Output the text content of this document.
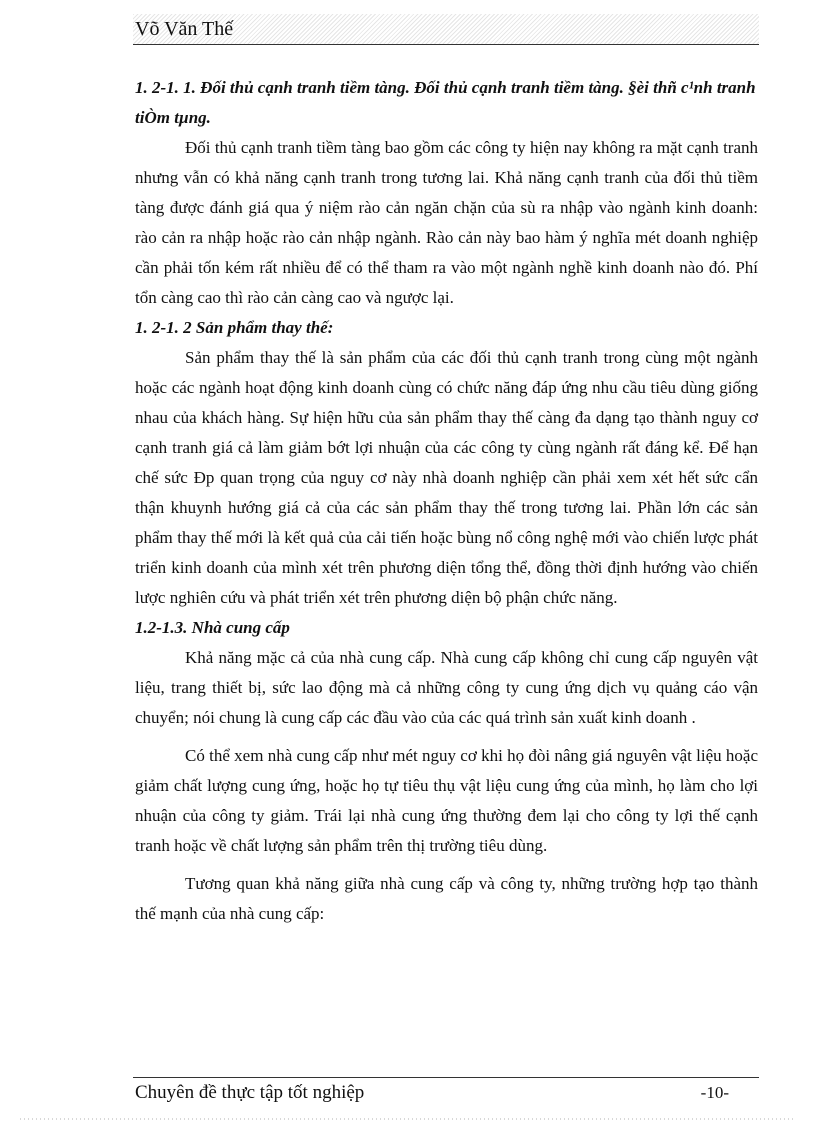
Võ Văn Thế

1. 2-1. 1. Đối thủ cạnh tranh tiềm tàng. Đối thủ cạnh tranh tiềm tàng. §èi thñ c¹nh tranh tiÒm tµng.

Đối thủ cạnh tranh tiềm tàng bao gồm các công ty hiện nay không ra mặt cạnh tranh nhưng vẫn có khả năng cạnh tranh trong tương lai. Khả năng cạnh tranh của đối thủ tiềm tàng được đánh giá qua ý niệm rào cản ngăn chặn của sù ra nhập vào ngành kinh doanh: rào cản ra nhập hoặc rào cản nhập ngành. Rào cản này bao hàm ý nghĩa mét doanh nghiệp cần phải tốn kém rất nhiều để có thể tham ra vào một ngành nghề kinh doanh nào đó. Phí tổn càng cao thì rào cản càng cao và ngược lại.

1. 2-1. 2 Sản phẩm thay thế:

Sản phẩm thay thế là sản phẩm của các đối thủ cạnh tranh trong cùng một ngành hoặc các ngành hoạt động kinh doanh cùng có chức năng đáp ứng nhu cầu tiêu dùng giống nhau của khách hàng. Sự hiện hữu của sản phẩm thay thế càng đa dạng tạo thành nguy cơ cạnh tranh giá cả làm giảm bớt lợi nhuận của các công ty cùng ngành rất đáng kể. Để hạn chế sức Đp quan trọng của nguy cơ này nhà doanh nghiệp cần phải xem xét hết sức cẩn thận khuynh hướng giá cả của các sản phẩm thay thế trong tương lai. Phần lớn các sản phẩm thay thế mới là kết quả của cải tiến hoặc bùng nổ công nghệ mới vào chiến lược phát triển kinh doanh của mình xét trên phương diện tổng thể, đồng thời định hướng vào chiến lược nghiên cứu và phát triển xét trên phương diện bộ phận chức năng.

1.2-1.3. Nhà cung cấp

Khả năng mặc cả của nhà cung cấp. Nhà cung cấp không chỉ cung cấp nguyên vật liệu, trang thiết bị, sức lao động mà cả những công ty cung ứng dịch vụ quảng cáo vận chuyển; nói chung là cung cấp các đầu vào của các quá trình sản xuất kinh doanh .

Có thể xem nhà cung cấp như mét nguy cơ khi họ đòi nâng giá nguyên vật liệu hoặc giảm chất lượng cung ứng, hoặc họ tự tiêu thụ vật liệu cung ứng của mình, họ làm cho lợi nhuận của công ty giảm. Trái lại nhà cung ứng thường đem lại cho công ty lợi thế cạnh tranh hoặc về chất lượng sản phẩm trên thị trường tiêu dùng.

Tương quan khả năng giữa nhà cung cấp và công ty, những trường hợp tạo thành thế mạnh của nhà cung cấp:

Chuyên đề thực tập tốt nghiệp	-10-
